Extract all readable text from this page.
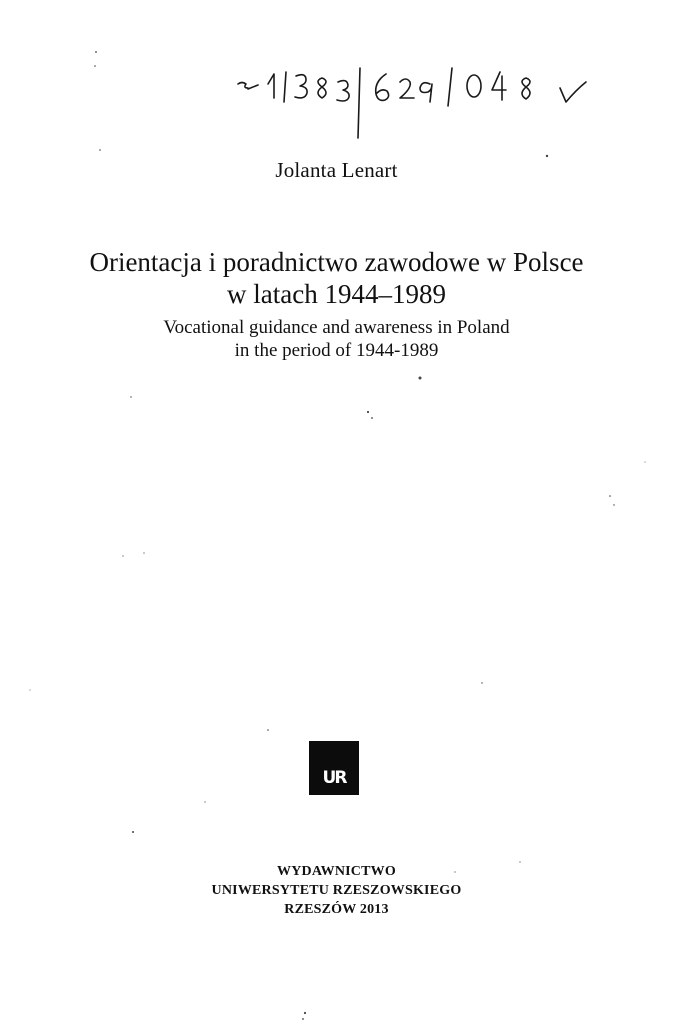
Jolanta Lenart
Orientacja i poradnictwo zawodowe w Polsce
w latach 1944–1989
Vocational guidance and awareness in Poland
in the period of 1944-1989
UR
WYDAWNICTWO
UNIWERSYTETU RZESZOWSKIEGO
RZESZÓW 2013
